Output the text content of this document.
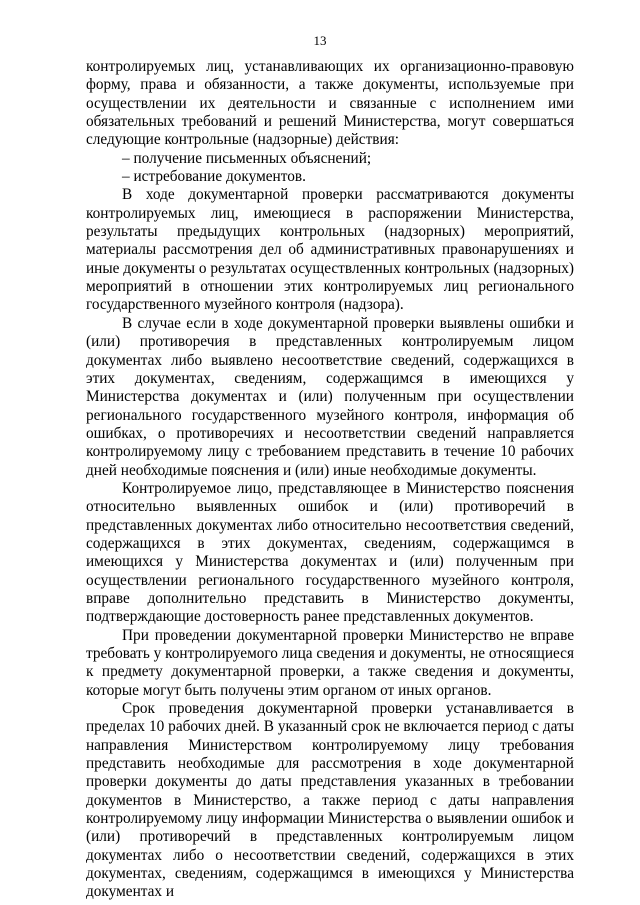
13

контролируемых лиц, устанавливающих их организационно-правовую форму, права и обязанности, а также документы, используемые при осуществлении их деятельности и связанные с исполнением ими обязательных требований и решений Министерства, могут совершаться следующие контрольные (надзорные) действия:

– получение письменных объяснений;

– истребование документов.

В ходе документарной проверки рассматриваются документы контролируемых лиц, имеющиеся в распоряжении Министерства, результаты предыдущих контрольных (надзорных) мероприятий, материалы рассмотрения дел об административных правонарушениях и иные документы о результатах осуществленных контрольных (надзорных) мероприятий в отношении этих контролируемых лиц регионального государственного музейного контроля (надзора).

В случае если в ходе документарной проверки выявлены ошибки и (или) противоречия в представленных контролируемым лицом документах либо выявлено несоответствие сведений, содержащихся в этих документах, сведениям, содержащимся в имеющихся у Министерства документах и (или) полученным при осуществлении регионального государственного музейного контроля, информация об ошибках, о противоречиях и несоответствии сведений направляется контролируемому лицу с требованием представить в течение 10 рабочих дней необходимые пояснения и (или) иные необходимые документы.

Контролируемое лицо, представляющее в Министерство пояснения относительно выявленных ошибок и (или) противоречий в представленных документах либо относительно несоответствия сведений, содержащихся в этих документах, сведениям, содержащимся в имеющихся у Министерства документах и (или) полученным при осуществлении регионального государственного музейного контроля, вправе дополнительно представить в Министерство документы, подтверждающие достоверность ранее представленных документов.

При проведении документарной проверки Министерство не вправе требовать у контролируемого лица сведения и документы, не относящиеся к предмету документарной проверки, а также сведения и документы, которые могут быть получены этим органом от иных органов.

Срок проведения документарной проверки устанавливается в пределах 10 рабочих дней. В указанный срок не включается период с даты направления Министерством контролируемому лицу требования представить необходимые для рассмотрения в ходе документарной проверки документы до даты представления указанных в требовании документов в Министерство, а также период с даты направления контролируемому лицу информации Министерства о выявлении ошибок и (или) противоречий в представленных контролируемым лицом документах либо о несоответствии сведений, содержащихся в этих документах, сведениям, содержащимся в имеющихся у Министерства документах и
